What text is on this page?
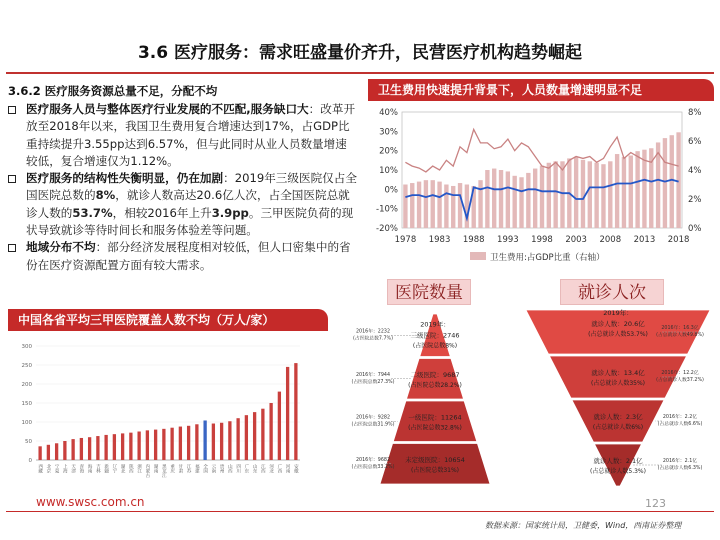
3.6 医疗服务：需求旺盛量价齐升，民营医疗机构趋势崛起
3.6.2 医疗服务资源总量不足，分配不均
医疗服务人员与整体医疗行业发展的不匹配,服务缺口大：改革开放至2018年以来，我国卫生费用复合增速达到17%，占GDP比重持续提升3.55pp达到6.57%，但与此同时从业人员数量增速较低，复合增速仅为1.12%。
医疗服务的结构性失衡明显，仍在加剧：2019年三级医院仅占全国医院总数的8%，就诊人数高达20.6亿人次，占全国医院总就诊人数的53.7%，相较2016年上升3.9pp。三甲医院负荷的现状导致就诊等待时间长和服务体验差等问题。
地域分布不均：部分经济发展程度相对较低，但人口密集中的省份在医疗资源配置方面有较大需求。
卫生费用快速提升背景下，人员数量增速明显不足
-20%
-10%
0%
10%
20%
30%
40%
0%
2%
4%
6%
8%
1978 1983 1988 1993 1998 2003 2008 2013 2018
卫生费用:占GDP比重（右轴）
中国各省平均三甲医院覆盖人数不均（万人/家）
0
50
100
150
200
250
300
西藏 北京 宁夏 上海 天津 青海 海南 吉林 新疆 辽宁 湖北 陕西 浙江 内蒙古 湖南 黑龙江 重庆 甘肃 江苏 福建 全国 云南 贵州 山西 四川 广东 山东 江西 河北 广西 河南 安徽
医院数量	就诊人次
2019年：
三级医院：2746
(占医院总数8%)
2016年：2232
(占医院总数7.7%)
二级医院：9687
(占医院总数28.2%)
2016年：7944
(占医院总数27.3%)
一级医院：11264
(占医院总数32.8%)
2016年：9282
(占医院总数31.9%)
未定级医院：10654
(占医院总数31%)
2016年：9682
(占医院总数33.2%)
2019年：
就诊人数：20.6亿
(占总就诊人数53.7%)
2016年：16.3亿
(占总就诊人数49.8%)
就诊人数：13.4亿
(占总就诊人数35%)
2016年：12.2亿
(占总就诊人数37.2%)
就诊人数：2.3亿
(占总就诊人数6%)
2016年：2.2亿
(占总就诊人数6.6%)
就诊人数：2.1亿
(占总就诊人数5.3%)
2016年：2.1亿
(占总就诊人数6.3%)
www.swsc.com.cn	123
数据来源：国家统计局，卫健委，Wind，西南证券整理
